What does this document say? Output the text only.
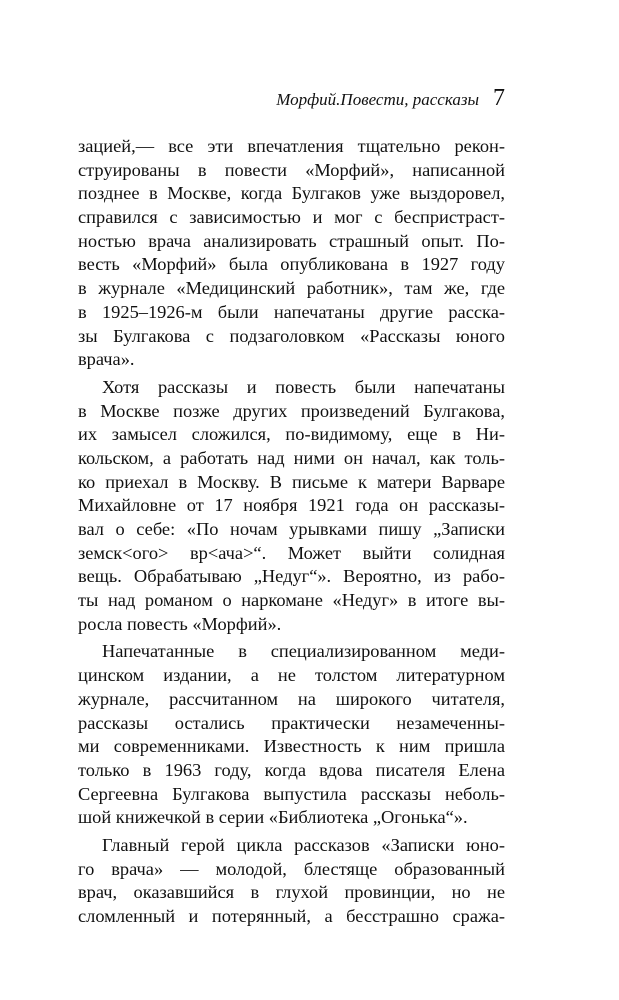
Морфий.Повести, рассказы 7
зацией,— все эти впечатления тщательно рекон-
струированы в повести «Морфий», написанной
позднее в Москве, когда Булгаков уже выздоровел,
справился с зависимостью и мог с беспристраст-
ностью врача анализировать страшный опыт. По-
весть «Морфий» была опубликована в 1927 году
в журнале «Медицинский работник», там же, где
в 1925–1926-м были напечатаны другие расска-
зы Булгакова с подзаголовком «Рассказы юного
врача».
Хотя рассказы и повесть были напечатаны
в Москве позже других произведений Булгакова,
их замысел сложился, по-видимому, еще в Ни-
кольском, а работать над ними он начал, как толь-
ко приехал в Москву. В письме к матери Варваре
Михайловне от 17 ноября 1921 года он рассказы-
вал о себе: «По ночам урывками пишу „Записки
земск<ого> вр<ача>“. Может выйти солидная
вещь. Обрабатываю „Недуг“». Вероятно, из рабо-
ты над романом о наркомане «Недуг» в итоге вы-
росла повесть «Морфий».
Напечатанные в специализированном меди-
цинском издании, а не толстом литературном
журнале, рассчитанном на широкого читателя,
рассказы остались практически незамеченны-
ми современниками. Известность к ним пришла
только в 1963 году, когда вдова писателя Елена
Сергеевна Булгакова выпустила рассказы неболь-
шой книжечкой в серии «Библиотека „Огонька“».
Главный герой цикла рассказов «Записки юно-
го врача» — молодой, блестяще образованный
врач, оказавшийся в глухой провинции, но не
сломленный и потерянный, а бесстрашно сража-
